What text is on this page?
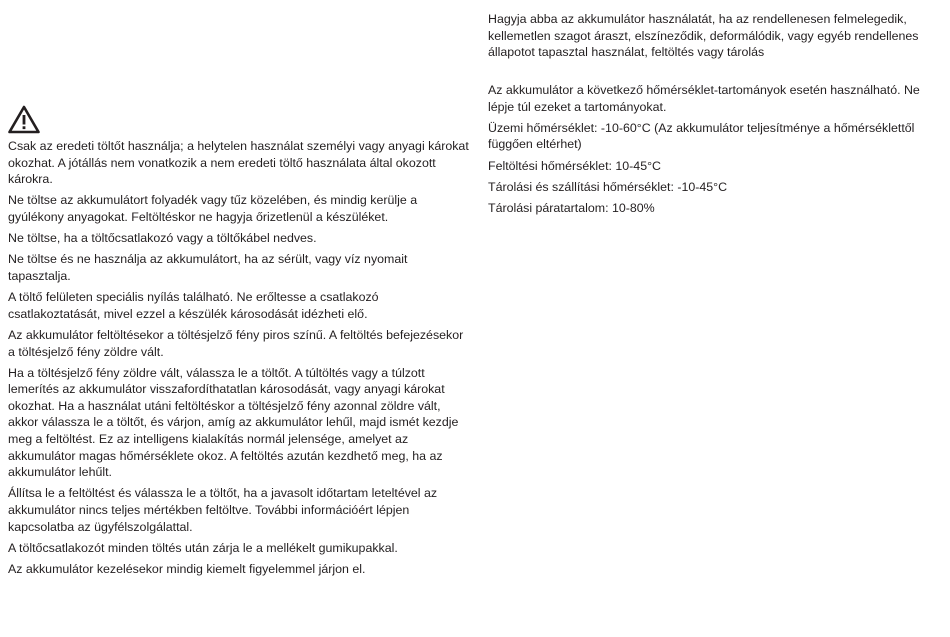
Csak az eredeti töltőt használja; a helytelen használat személyi vagy anyagi károkat okozhat. A jótállás nem vonatkozik a nem eredeti töltő használata által okozott károkra.

Ne töltse az akkumulátort folyadék vagy tűz közelében, és mindig kerülje a gyúlékony anyagokat. Feltöltéskor ne hagyja őrizetlenül a készüléket.

Ne töltse, ha a töltőcsatlakozó vagy a töltőkábel nedves.

Ne töltse és ne használja az akkumulátort, ha az sérült, vagy víz nyomait tapasztalja.

A töltő felületen speciális nyílás található. Ne erőltesse a csatlakozó csatlakoztatását, mivel ezzel a készülék károsodását idézheti elő.

Az akkumulátor feltöltésekor a töltésjelző fény piros színű. A feltöltés befejezésekor a töltésjelző fény zöldre vált.

Ha a töltésjelző fény zöldre vált, válassza le a töltőt. A túltöltés vagy a túlzott lemerítés az akkumulátor visszafordíthatatlan károsodását, vagy anyagi károkat okozhat. Ha a használat utáni feltöltéskor a töltésjelző fény azonnal zöldre vált, akkor válassza le a töltőt, és várjon, amíg az akkumulátor lehűl, majd ismét kezdje meg a feltöltést. Ez az intelligens kialakítás normál jelensége, amelyet az akkumulátor magas hőmérséklete okoz. A feltöltés azután kezdhető meg, ha az akkumulátor lehűlt.

Állítsa le a feltöltést és válassza le a töltőt, ha a javasolt időtartam leteltével az akkumulátor nincs teljes mértékben feltöltve. További információért lépjen kapcsolatba az ügyfélszolgálattal.

A töltőcsatlakozót minden töltés után zárja le a mellékelt gumikupakkal.

Az akkumulátor kezelésekor mindig kiemelt figyelemmel járjon el.

Hagyja abba az akkumulátor használatát, ha az rendellenesen felmelegedik, kellemetlen szagot áraszt, elszíneződik, deformálódik, vagy egyéb rendellenes állapotot tapasztal használat, feltöltés vagy tárolás

Az akkumulátor a következő hőmérséklet-tartományok esetén használható. Ne lépje túl ezeket a tartományokat.

Üzemi hőmérséklet: -10-60°C (Az akkumulátor teljesítménye a hőmérséklettől függően eltérhet)

Feltöltési hőmérséklet: 10-45°C

Tárolási és szállítási hőmérséklet: -10-45°C

Tárolási páratartalom: 10-80%
